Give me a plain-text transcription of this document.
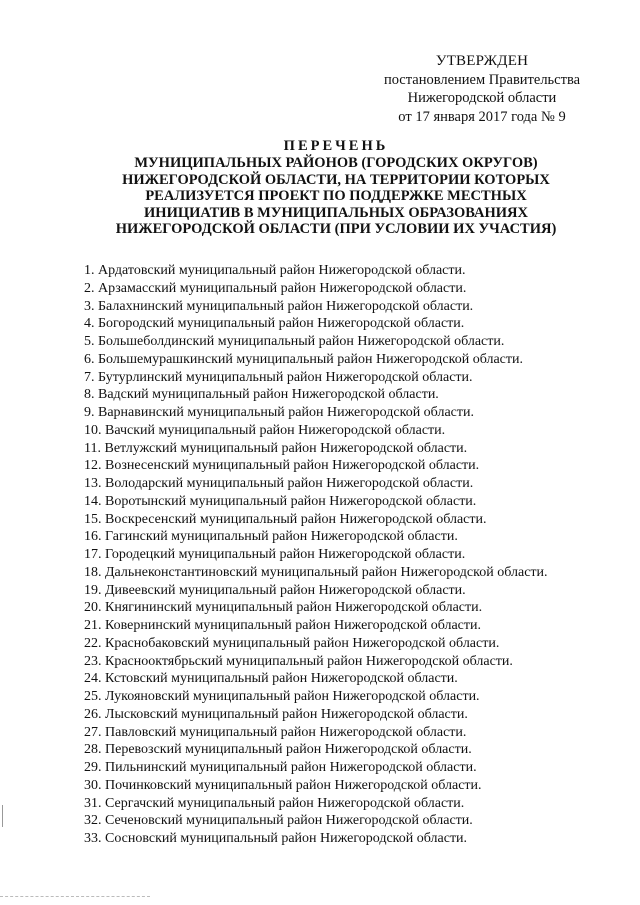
УТВЕРЖДЕН
постановлением Правительства
Нижегородской области
от 17 января 2017 года № 9
ПЕРЕЧЕНЬ
МУНИЦИПАЛЬНЫХ РАЙОНОВ (ГОРОДСКИХ ОКРУГОВ)
НИЖЕГОРОДСКОЙ ОБЛАСТИ, НА ТЕРРИТОРИИ КОТОРЫХ
РЕАЛИЗУЕТСЯ ПРОЕКТ ПО ПОДДЕРЖКЕ МЕСТНЫХ
ИНИЦИАТИВ В МУНИЦИПАЛЬНЫХ ОБРАЗОВАНИЯХ
НИЖЕГОРОДСКОЙ ОБЛАСТИ (ПРИ УСЛОВИИ ИХ УЧАСТИЯ)
1. Ардатовский муниципальный район Нижегородской области.
2. Арзамасский муниципальный район Нижегородской области.
3. Балахнинский муниципальный район Нижегородской области.
4. Богородский муниципальный район Нижегородской области.
5. Большеболдинский муниципальный район Нижегородской области.
6. Большемурашкинский муниципальный район Нижегородской области.
7. Бутурлинский муниципальный район Нижегородской области.
8. Вадский муниципальный район Нижегородской области.
9. Варнавинский муниципальный район Нижегородской области.
10. Вачский муниципальный район Нижегородской области.
11. Ветлужский муниципальный район Нижегородской области.
12. Вознесенский муниципальный район Нижегородской области.
13. Володарский муниципальный район Нижегородской области.
14. Воротынский муниципальный район Нижегородской области.
15. Воскресенский муниципальный район Нижегородской области.
16. Гагинский муниципальный район Нижегородской области.
17. Городецкий муниципальный район Нижегородской области.
18. Дальнеконстантиновский муниципальный район Нижегородской области.
19. Дивеевский муниципальный район Нижегородской области.
20. Княгининский муниципальный район Нижегородской области.
21. Ковернинский муниципальный район Нижегородской области.
22. Краснобаковский муниципальный район Нижегородской области.
23. Краснооктябрьский муниципальный район Нижегородской области.
24. Кстовский муниципальный район Нижегородской области.
25. Лукояновский муниципальный район Нижегородской области.
26. Лысковский муниципальный район Нижегородской области.
27. Павловский муниципальный район Нижегородской области.
28. Перевозский муниципальный район Нижегородской области.
29. Пильнинский муниципальный район Нижегородской области.
30. Починковский муниципальный район Нижегородской области.
31. Сергачский муниципальный район Нижегородской области.
32. Сеченовский муниципальный район Нижегородской области.
33. Сосновский муниципальный район Нижегородской области.
